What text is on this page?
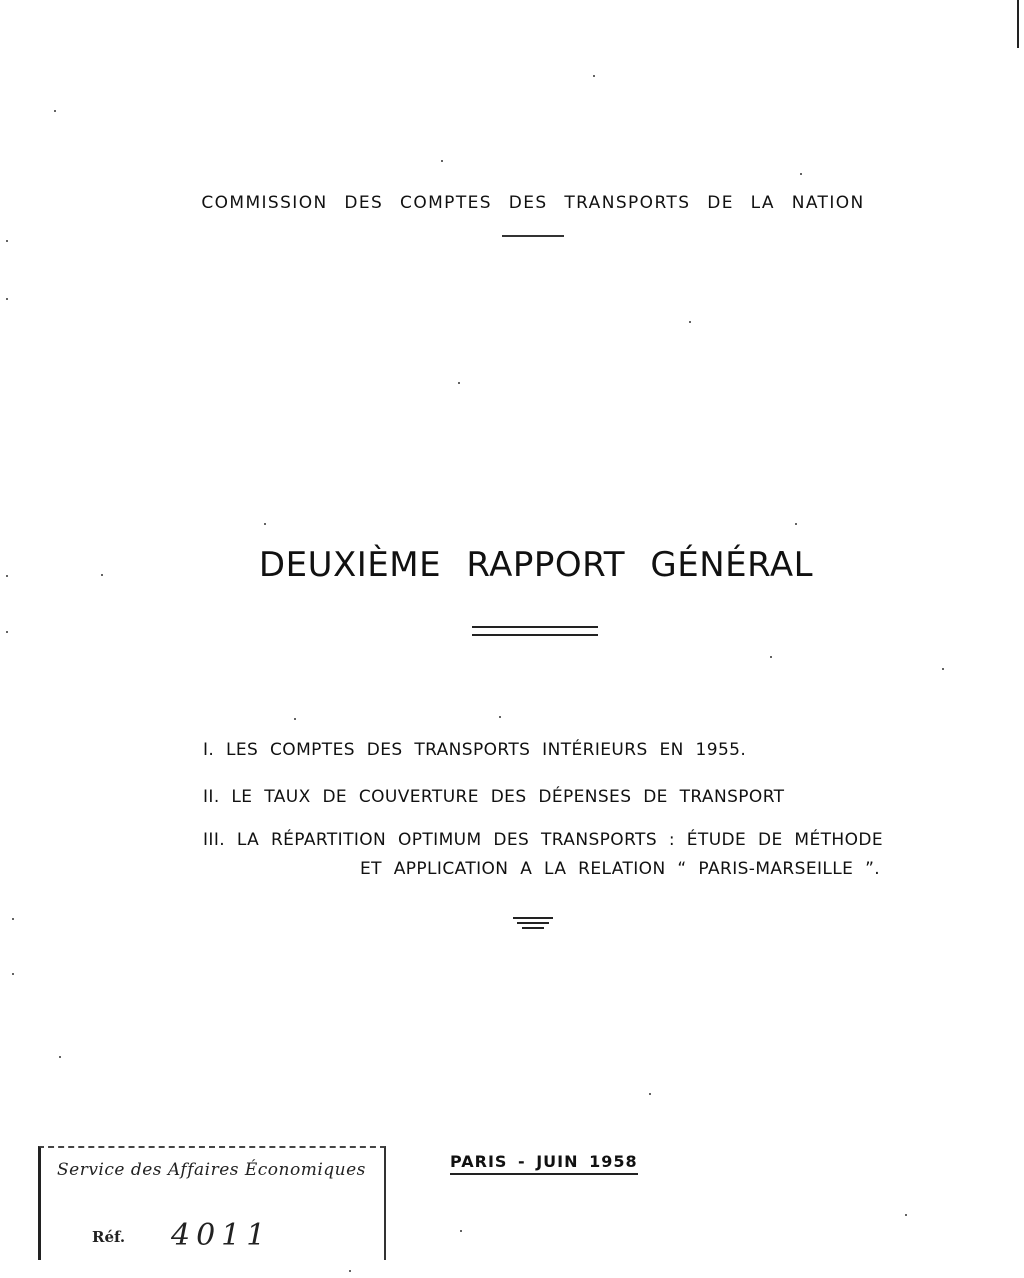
COMMISSION DES COMPTES DES TRANSPORTS DE LA NATION
DEUXIÈME RAPPORT GÉNÉRAL
I. LES COMPTES DES TRANSPORTS INTÉRIEURS EN 1955.
II. LE TAUX DE COUVERTURE DES DÉPENSES DE TRANSPORT
III. LA RÉPARTITION OPTIMUM DES TRANSPORTS : ÉTUDE DE MÉTHODE
ET APPLICATION A LA RELATION “ PARIS-MARSEILLE ”.
Service des Affaires Économiques
Réf. 4011
PARIS - JUIN 1958
